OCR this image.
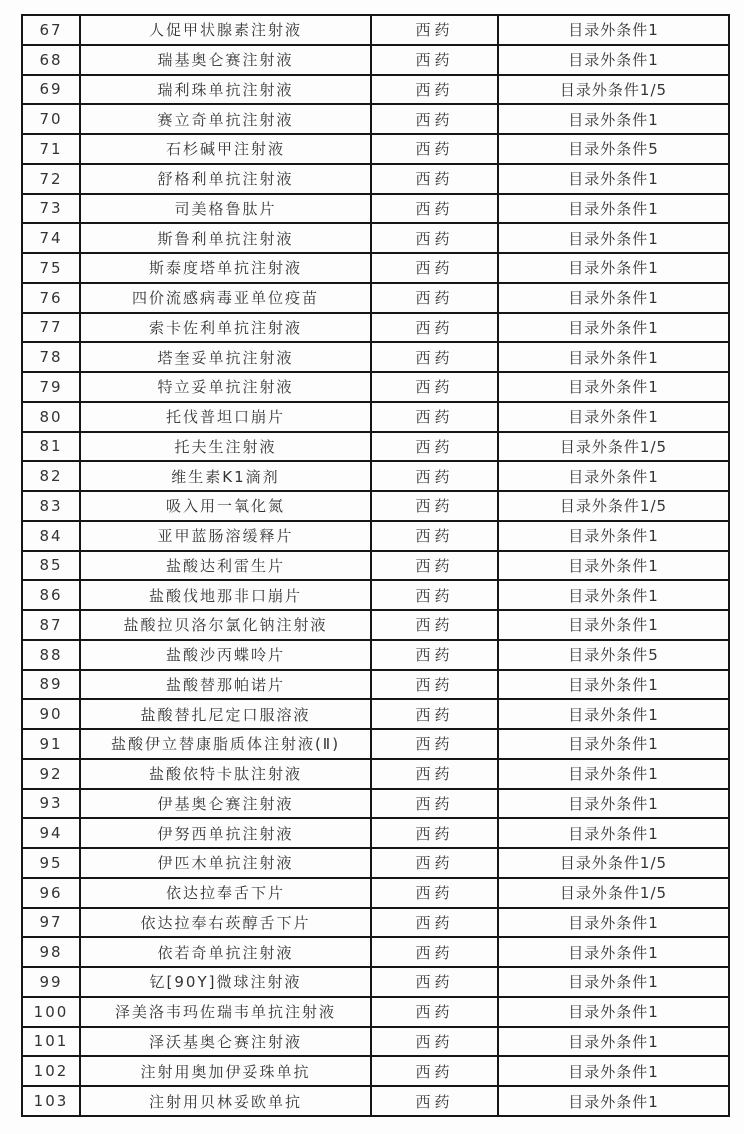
67	人促甲状腺素注射液	西药	目录外条件1
68	瑞基奥仑赛注射液	西药	目录外条件1
69	瑞利珠单抗注射液	西药	目录外条件1/5
70	赛立奇单抗注射液	西药	目录外条件1
71	石杉碱甲注射液	西药	目录外条件5
72	舒格利单抗注射液	西药	目录外条件1
73	司美格鲁肽片	西药	目录外条件1
74	斯鲁利单抗注射液	西药	目录外条件1
75	斯泰度塔单抗注射液	西药	目录外条件1
76	四价流感病毒亚单位疫苗	西药	目录外条件1
77	索卡佐利单抗注射液	西药	目录外条件1
78	塔奎妥单抗注射液	西药	目录外条件1
79	特立妥单抗注射液	西药	目录外条件1
80	托伐普坦口崩片	西药	目录外条件1
81	托夫生注射液	西药	目录外条件1/5
82	维生素K1滴剂	西药	目录外条件1
83	吸入用一氧化氮	西药	目录外条件1/5
84	亚甲蓝肠溶缓释片	西药	目录外条件1
85	盐酸达利雷生片	西药	目录外条件1
86	盐酸伐地那非口崩片	西药	目录外条件1
87	盐酸拉贝洛尔氯化钠注射液	西药	目录外条件1
88	盐酸沙丙蝶呤片	西药	目录外条件5
89	盐酸替那帕诺片	西药	目录外条件1
90	盐酸替扎尼定口服溶液	西药	目录外条件1
91	盐酸伊立替康脂质体注射液(Ⅱ)	西药	目录外条件1
92	盐酸依特卡肽注射液	西药	目录外条件1
93	伊基奥仑赛注射液	西药	目录外条件1
94	伊努西单抗注射液	西药	目录外条件1
95	伊匹木单抗注射液	西药	目录外条件1/5
96	依达拉奉舌下片	西药	目录外条件1/5
97	依达拉奉右莰醇舌下片	西药	目录外条件1
98	依若奇单抗注射液	西药	目录外条件1
99	钇[90Y]微球注射液	西药	目录外条件1
100	泽美洛韦玛佐瑞韦单抗注射液	西药	目录外条件1
101	泽沃基奥仑赛注射液	西药	目录外条件1
102	注射用奥加伊妥珠单抗	西药	目录外条件1
103	注射用贝林妥欧单抗	西药	目录外条件1
